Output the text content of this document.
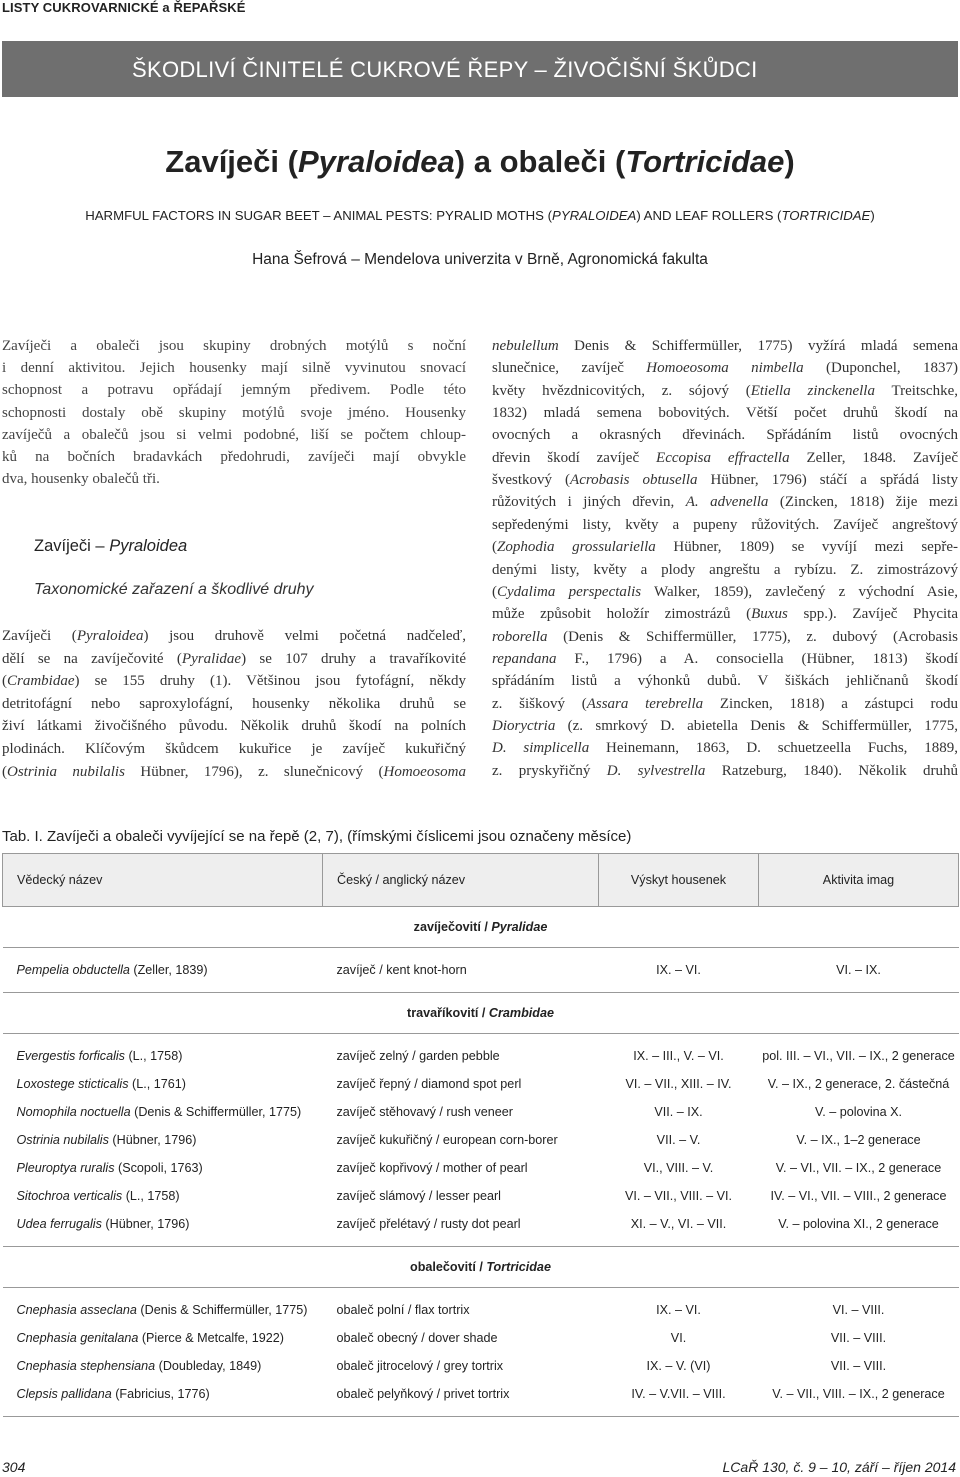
LISTY CUKROVARNICKÉ a ŘEPAŘSKÉ
ŠKODLIVÍ ČINITELÉ CUKROVÉ ŘEPY – ŽIVOČIŠNÍ ŠKŮDCI
Zavíječi (Pyraloidea) a obaleči (Tortricidae)
HARMFUL FACTORS IN SUGAR BEET – ANIMAL PESTS: PYRALID MOTHS (PYRALOIDEA) AND LEAF ROLLERS (TORTRICIDAE)
Hana Šefrová – Mendelova univerzita v Brně, Agronomická fakulta
Zavíječi a obaleči jsou skupiny drobných motýlů s noční
i denní aktivitou. Jejich housenky mají silně vyvinutou snovací
schopnost a potravu opřádají jemným předivem. Podle této
schopnosti dostaly obě skupiny motýlů svoje jméno. Housenky
zavíječů a obalečů jsou si velmi podobné, liší se počtem chloup-
ků na bočních bradavkách předohrudi, zavíječi mají obvykle
dva, housenky obalečů tři.
Zavíječi – Pyraloidea
Taxonomické zařazení a škodlivé druhy
Zavíječi (Pyraloidea) jsou druhově velmi početná nadčeleď,
dělí se na zavíječovité (Pyralidae) se 107 druhy a travaříkovité
(Crambidae) se 155 druhy (1). Většinou jsou fytofágní, někdy
detritofágní nebo saproxylofágní, housenky několika druhů se
živí látkami živočišného původu. Několik druhů škodí na polních
plodinách. Klíčovým škůdcem kukuřice je zavíječ kukuřičný
(Ostrinia nubilalis Hübner, 1796), z. slunečnicový (Homoeosoma
nebulellum Denis & Schiffermüller, 1775) vyžírá mladá semena
slunečnice, zavíječ Homoeosoma nimbella (Duponchel, 1837)
květy hvězdnicovitých, z. sójový (Etiella zinckenella Treitschke,
1832) mladá semena bobovitých. Větší počet druhů škodí na
ovocných a okrasných dřevinách. Spřádáním listů ovocných
dřevin škodí zavíječ Eccopisa effractella Zeller, 1848. Zavíječ
švestkový (Acrobasis obtusella Hübner, 1796) stáčí a spřádá listy
růžovitých i jiných dřevin, A. advenella (Zincken, 1818) žije mezi
sepředenými listy, květy a pupeny růžovitých. Zavíječ angreštový
(Zophodia grossulariella Hübner, 1809) se vyvíjí mezi sepře-
denými listy, květy a plody angreštu a rybízu. Z. zimostrázový
(Cydalima perspectalis Walker, 1859), zavlečený z východní Asie,
může způsobit holožír zimostrázů (Buxus spp.). Zavíječ Phycita
roborella (Denis & Schiffermüller, 1775), z. dubový (Acrobasis
repandana F., 1796) a A. consociella (Hübner, 1813) škodí
spřádáním listů a výhonků dubů. V šiškách jehličnanů škodí
z. šiškový (Assara terebrella Zincken, 1818) a zástupci rodu
Dioryctria (z. smrkový D. abietella Denis & Schiffermüller, 1775,
D. simplicella Heinemann, 1863, D. schuetzeella Fuchs, 1889,
z. pryskyřičný D. sylvestrella Ratzeburg, 1840). Několik druhů
Tab. I. Zavíječi a obaleči vyvíjející se na řepě (2, 7), (římskými číslicemi jsou označeny měsíce)
Vědecký název	Český / anglický název	Výskyt housenek	Aktivita imag
zavíječovití / Pyralidae			

Pempelia obductella (Zeller, 1839)	zavíječ / kent knot-horn	IX. – VI.	VI. – IX.

travaříkovití / Crambidae			

Evergestis forficalis (L., 1758)	zavíječ zelný / garden pebble	IX. – III., V. – VI.	pol. III. – VI., VII. – IX., 2 generace
Loxostege sticticalis (L., 1761)	zavíječ řepný / diamond spot perl	VI. – VII., XIII. – IV.	V. – IX., 2 generace, 2. částečná
Nomophila noctuella (Denis & Schiffermüller, 1775)	zavíječ stěhovavý / rush veneer	VII. – IX.	V. – polovina X.
Ostrinia nubilalis (Hübner, 1796)	zavíječ kukuřičný / european corn-borer	VII. – V.	V. – IX., 1–2 generace
Pleuroptya ruralis (Scopoli, 1763)	zavíječ kopřivový / mother of pearl	VI., VIII. – V.	V. – VI., VII. – IX., 2 generace
Sitochroa verticalis (L., 1758)	zavíječ slámový / lesser pearl	VI. – VII., VIII. – VI.	IV. – VI., VII. – VIII., 2 generace
Udea ferrugalis (Hübner, 1796)	zavíječ přelétavý / rusty dot pearl	XI. – V., VI. – VII.	V. – polovina XI., 2 generace

obalečovití / Tortricidae			

Cnephasia asseclana (Denis & Schiffermüller, 1775)	obaleč polní / flax tortrix	IX. – VI.	VI. – VIII.
Cnephasia genitalana (Pierce & Metcalfe, 1922)	obaleč obecný / dover shade	VI.	VII. – VIII.
Cnephasia stephensiana (Doubleday, 1849)	obaleč jitrocelový / grey tortrix	IX. – V. (VI)	VII. – VIII.
Clepsis pallidana (Fabricius, 1776)	obaleč pelyňkový / privet tortrix	IV. – V.VII. – VIII.	V. – VII., VIII. – IX., 2 generace

304	LCaŘ 130, č. 9 – 10, září – říjen 2014
